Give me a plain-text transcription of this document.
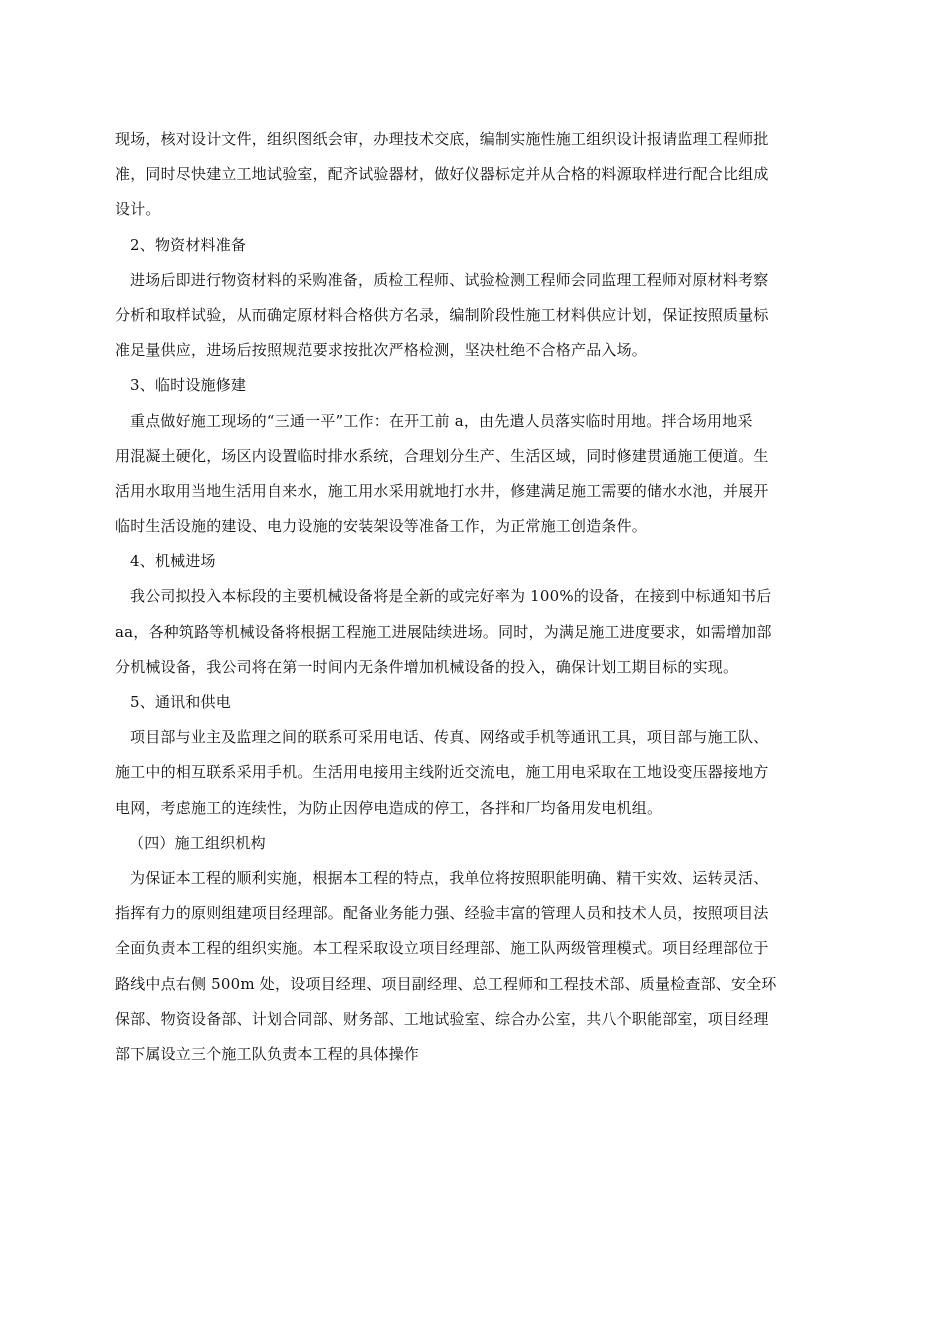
现场，核对设计文件，组织图纸会审，办理技术交底，编制实施性施工组织设计报请监理工程师批
准，同时尽快建立工地试验室，配齐试验器材，做好仪器标定并从合格的料源取样进行配合比组成
设计。
2、物资材料准备
进场后即进行物资材料的采购准备，质检工程师、试验检测工程师会同监理工程师对原材料考察
分析和取样试验，从而确定原材料合格供方名录，编制阶段性施工材料供应计划，保证按照质量标
准足量供应，进场后按照规范要求按批次严格检测，坚决杜绝不合格产品入场。
3、临时设施修建
重点做好施工现场的“三通一平”工作：在开工前 a，由先遣人员落实临时用地。拌合场用地采
用混凝土硬化，场区内设置临时排水系统，合理划分生产、生活区域，同时修建贯通施工便道。生
活用水取用当地生活用自来水，施工用水采用就地打水井，修建满足施工需要的储水水池，并展开
临时生活设施的建设、电力设施的安装架设等准备工作，为正常施工创造条件。
4、机械进场
我公司拟投入本标段的主要机械设备将是全新的或完好率为 100%的设备，在接到中标通知书后
aa，各种筑路等机械设备将根据工程施工进展陆续进场。同时，为满足施工进度要求，如需增加部
分机械设备，我公司将在第一时间内无条件增加机械设备的投入，确保计划工期目标的实现。
5、通讯和供电
项目部与业主及监理之间的联系可采用电话、传真、网络或手机等通讯工具，项目部与施工队、
施工中的相互联系采用手机。生活用电接用主线附近交流电，施工用电采取在工地设变压器接地方
电网，考虑施工的连续性，为防止因停电造成的停工，各拌和厂均备用发电机组。
（四）施工组织机构
为保证本工程的顺利实施，根据本工程的特点，我单位将按照职能明确、精干实效、运转灵活、
指挥有力的原则组建项目经理部。配备业务能力强、经验丰富的管理人员和技术人员，按照项目法
全面负责本工程的组织实施。本工程采取设立项目经理部、施工队两级管理模式。项目经理部位于
路线中点右侧 500m 处，设项目经理、项目副经理、总工程师和工程技术部、质量检查部、安全环
保部、物资设备部、计划合同部、财务部、工地试验室、综合办公室，共八个职能部室，项目经理
部下属设立三个施工队负责本工程的具体操作
